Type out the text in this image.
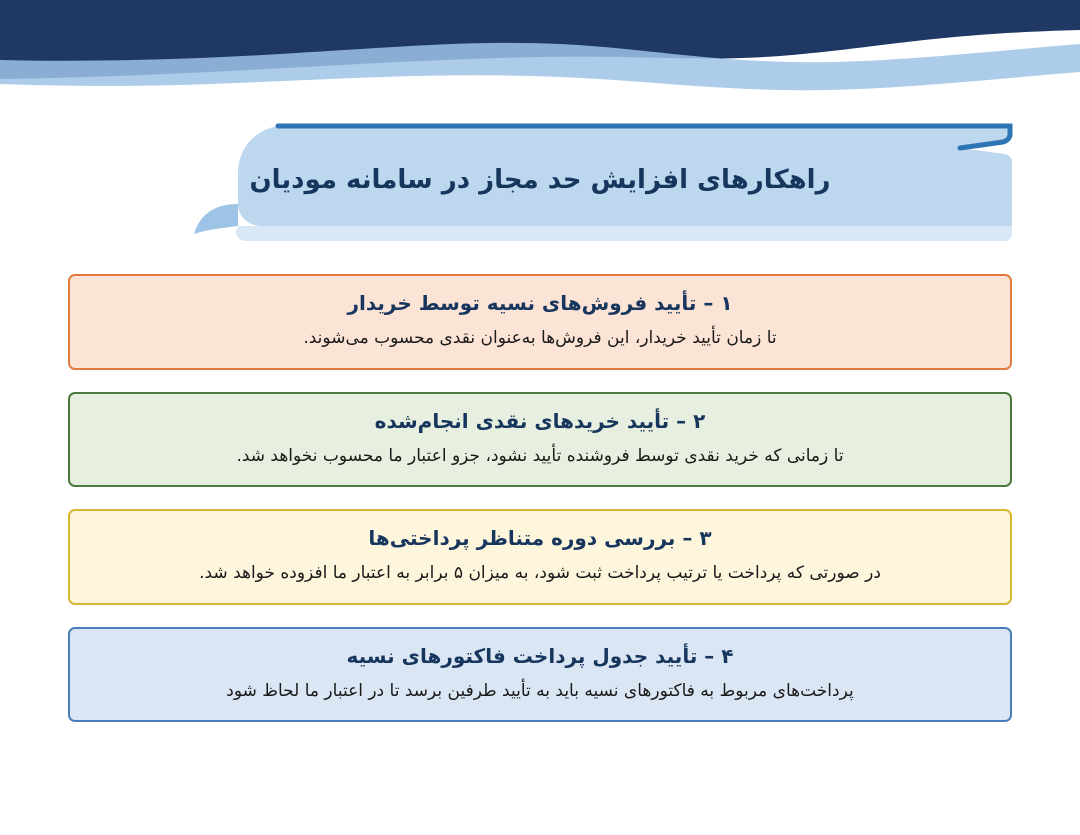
راهکارهای افزایش حد مجاز در سامانه مودیان
۱ – تأیید فروش‌های نسیه توسط خریدار
تا زمان تأیید خریدار، این فروش‌ها به‌عنوان نقدی محسوب می‌شوند.
۲ – تأیید خریدهای نقدی انجام‌شده
تا زمانی که خرید نقدی توسط فروشنده تأیید نشود، جزو اعتبار ما محسوب نخواهد شد.
۳ – بررسی دوره متناظر پرداختی‌ها
در صورتی که پرداخت یا ترتیب پرداخت ثبت شود، به میزان ۵ برابر به اعتبار ما افزوده خواهد شد.
۴ – تأیید جدول پرداخت فاکتورهای نسیه
پرداخت‌های مربوط به فاکتورهای نسیه باید به تأیید طرفین برسد تا در اعتبار ما لحاظ شود
